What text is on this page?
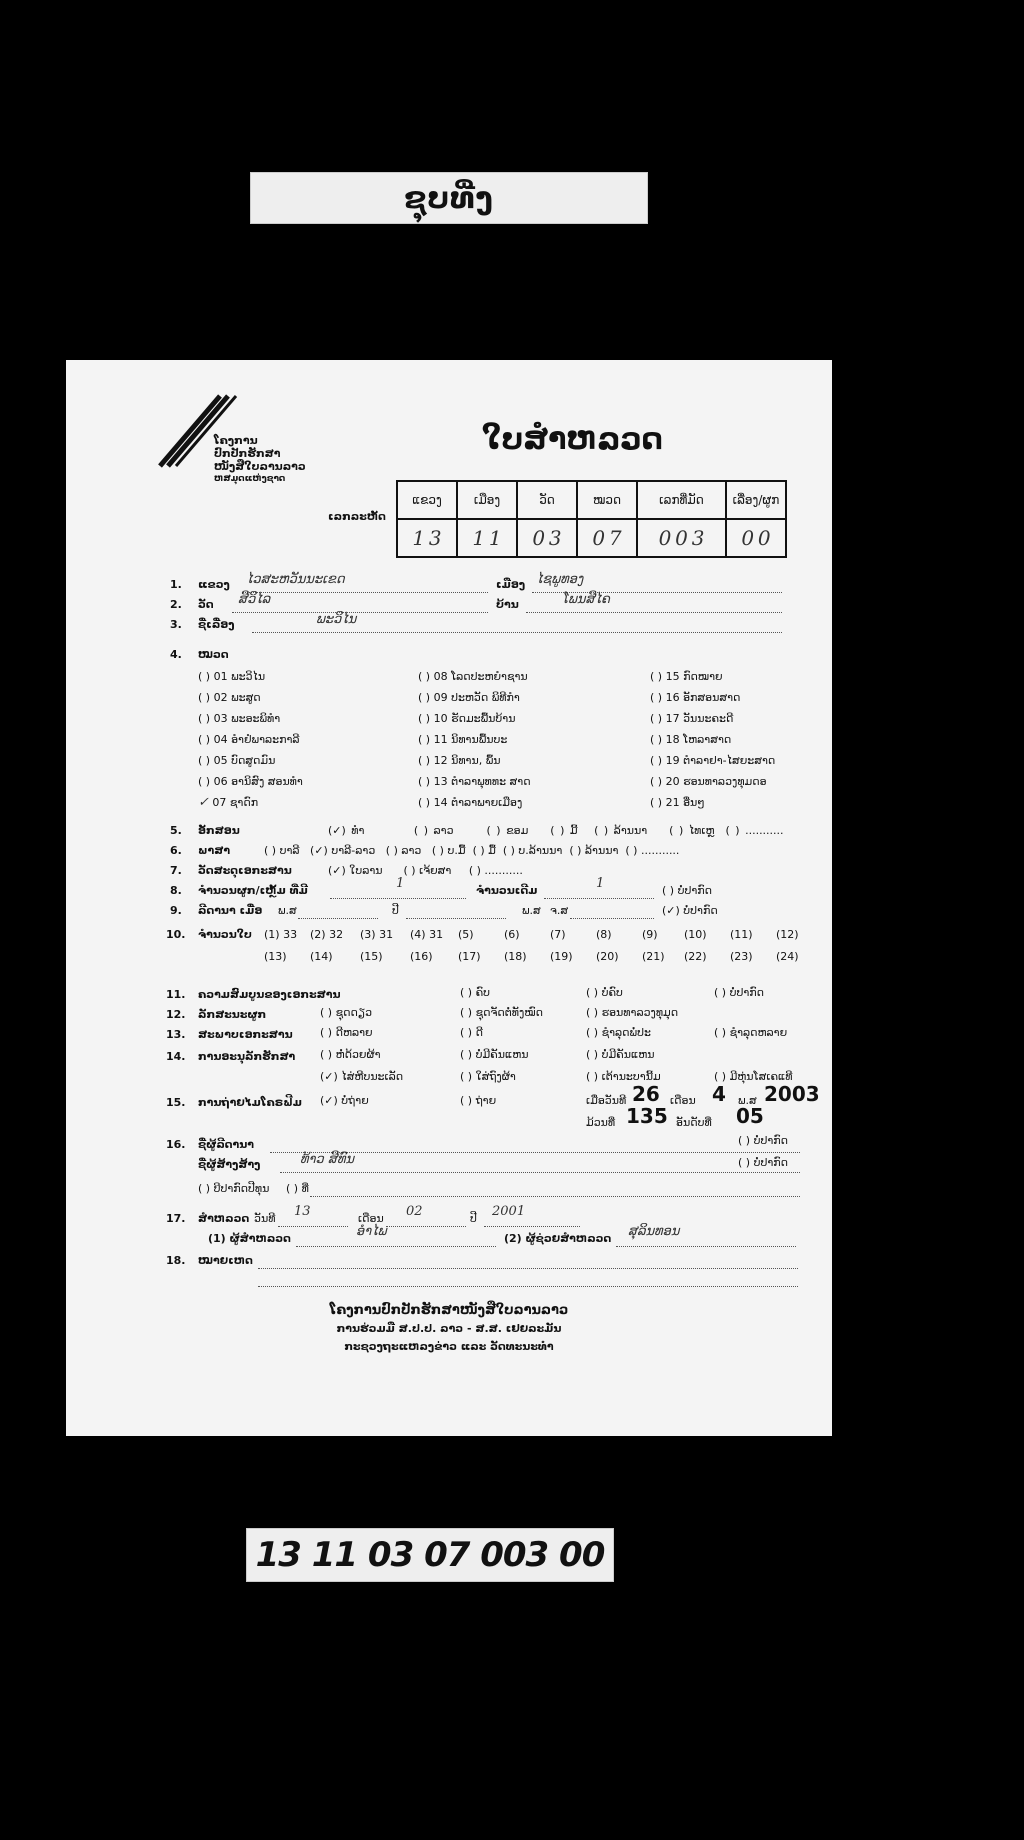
ຊຸບທີ່ງ
ໂຄງການ
ປົກປັກຮັກສາ
ໜັງສືໃບລານລາວ
ຫສມຸດແຫ່ງຊາດ
ໃບສຳຫລວດ
ເລກລະຫັດ
ແຂວງ	ເມືອງ	ວັດ	ໝວດ	ເລກທີ່ມັດ	ເລື່ອງ/ຜູກ
1 3	1 1	0 3	0 7	0 0 3	0 0
1. ແຂວງ ໄວສະຫວັນນະເຂດ	ເມືອງ ໄຊພູທອງ
2. ວັດ ສີວິໄລ	ບ້ານ	ໂພນສີໄຄ
3. ຊື່ເລື່ອງ	ພະວິໄນ
4. ໝວດ
( ) 01 ພະວິໄນ
( ) 02 ພະສູດ
( ) 03 ພະອະພິທຳ
( ) 04 ອໍາຢໍພາລະກາລີ
( ) 05 ບົດສູດມົນ
( ) 06 ອານິສົງ ສອນທຳ
✓ 07 ຊາດົກ
( ) 08 ໂລດປະຫຍໍາຊານ
( ) 09 ປະຫວັດ ພິທີກຳ
( ) 10 ຮັດມະພື້ນບ້ານ
( ) 11 ນິທານພື້ນບະ
( ) 12 ນິທານ, ພຶ້ນ
( ) 13 ຕຳລາພຸທທະ ສາດ
( ) 14 ຕຳລາພາຍເມືອງ
( ) 15 ກົດໝາຍ
( ) 16 ອັກສອນສາດ
( ) 17 ວັນນະຄະດີ
( ) 18 ໂຫລາສາດ
( ) 19 ຕຳລາຢາ-ໄສຍະສາດ
( ) 20 ຮອນທາລວງທຸມດອ
( ) 21 ອື່ນໆ
5. ອັກສອນ	(✓) ທຳ	( ) ລາວ	( ) ຂອມ ( ) ມີ້ ( ) ລ້ານນາ ( ) ໄທເຫຼ ( ) ...........
6. ພາສາ	( ) ບາລີ (✓) ບາລີ-ລາວ ( ) ລາວ ( ) ບ.ມື້ ( ) ມື້ ( ) ບ.ລ້ານນາ ( ) ລ້ານນາ ( ) ...........
7. ວັດສະດຸເອກະສານ	(✓) ໃບລານ ( ) ເຈ້ຍສາ ( ) ...........
8. ຈຳນວນຜູກ/ເຫຼັ້ມ ທີ່ມີ	1	ຈຳນວນເດີມ	1	( ) ບໍ່ປາກົດ
9. ລີດານາ ເມື່ອ ພ.ສ	ປີ	ພ.ສ ຈ.ສ	(✓) ບໍ່ປາກົດ
10. ຈຳນວນໃບ (1) 33 (2) 32 (3) 31 (4) 31 (5)	(6)	(7)	(8)	(9) (10) (11) (12)
(13) (14) (15) (16) (17) (18) (19) (20) (21) (22) (23) (24)
11. ຄວາມສົມບູນຂອງເອກະສານ	( ) ຄົບ	( ) ບໍ່ຄົບ	( ) ບໍ່ປາກົດ
12. ລັກສະນະຜູກ	( ) ຊຸດດຽວ	( ) ຊຸດຈັດຕໍ່ທັງໝົດ	( ) ຮອນທາລວງທຸມຸດ
13. ສະພາບເອກະສານ ( ) ດີຫລາຍ	( ) ດີ	( ) ຊຳລຸດພໍ່ປະ	( ) ຊຳລຸດຫລາຍ
14. ການອະນຸລັກຮັກສາ ( ) ຫໍ່ດ້ວຍຜ້າ	( ) ບໍ່ມີຄັນແຫນ	( ) ບໍ່ມີຄັນແຫນ
(✓) ໄສ່ຫີບນະເລັດ	( ) ໃສ່ຖົງຜ້າ	( ) ເຕ້ານະບານີ້ມ	( ) ມີຫຸ່ນໂສເຄແທີ
15. ການຖ່າຍໄມໂຄຣຟີມ (✓) ບໍ່ຖ່າຍ	( ) ຖ່າຍ	ເມື່ອວັນທີ 26 ເດືອນ 4 ພ.ສ 2003
ມ້ວນທີ່ 135 ອັນດັບທີ່ 05
16. ຊື່ຜູ້ລີດານາ	( ) ບໍ່ປາກົດ
ຊື່ຜູ້ສ້າງສ້າງ	ທ້າວ ສີທົນ	( ) ບໍ່ປາກົດ
( ) ບີປາກົດປີທຸນ ( ) ທີ່
17. ສຳຫລວດ ວັນທີ 13	ເດືອນ 02	ປີ 2001
(1) ຜູ້ສຳຫລວດ	ອຳໄພ	(2) ຜູ້ຊ່ວຍສຳຫລວດ ສຸລິນທອນ
18. ໝາຍເຫດ
ໂຄງການປົກປັກຮັກສາໜັງສືໃບລານລາວ
ການຮ່ວມມື ສ.ປ.ປ. ລາວ - ສ.ສ. ເຢຍລະມັນ
ກະຊວງຖະແຫລງຂ່າວ ແລະ ວັດທະນະທຳ
13 11 03 07 003 00
